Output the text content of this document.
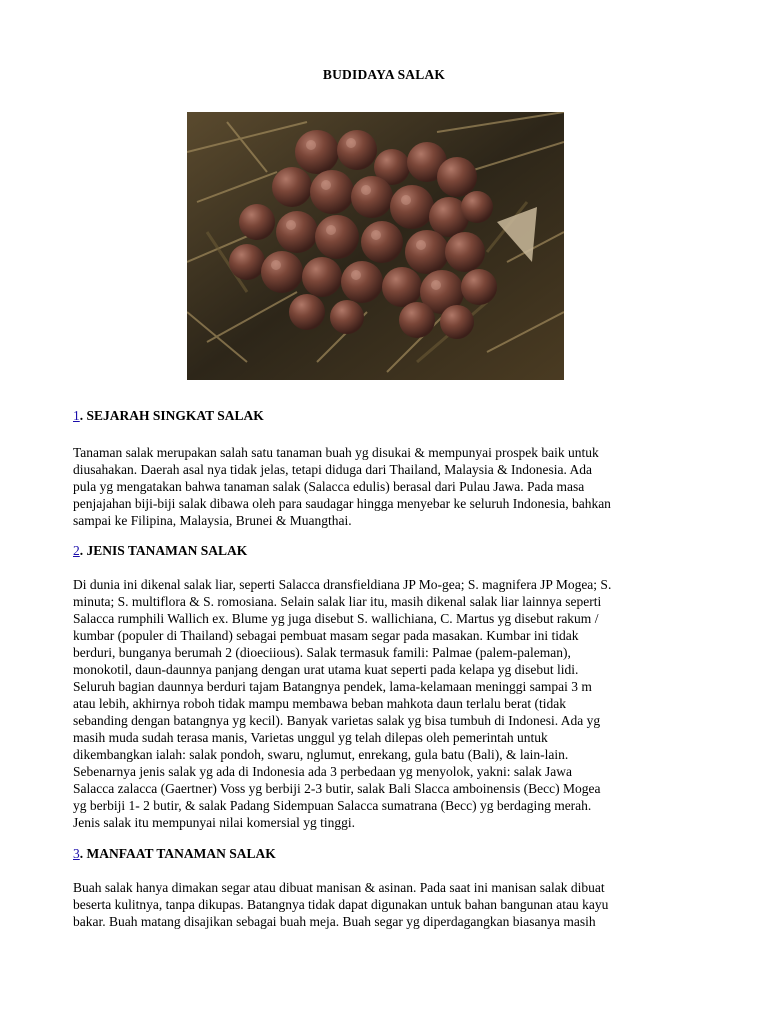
BUDIDAYA SALAK
1. SEJARAH SINGKAT SALAK
Tanaman salak merupakan salah satu tanaman buah yg disukai & mempunyai prospek baik untuk
diusahakan. Daerah asal nya tidak jelas, tetapi diduga dari Thailand, Malaysia & Indonesia. Ada
pula yg mengatakan bahwa tanaman salak (Salacca edulis) berasal dari Pulau Jawa. Pada masa
penjajahan biji-biji salak dibawa oleh para saudagar hingga menyebar ke seluruh Indonesia, bahkan
sampai ke Filipina, Malaysia, Brunei & Muangthai.
2. JENIS TANAMAN SALAK
Di dunia ini dikenal salak liar, seperti Salacca dransfieldiana JP Mo-gea; S. magnifera JP Mogea; S.
minuta; S. multiflora & S. romosiana. Selain salak liar itu, masih dikenal salak liar lainnya seperti
Salacca rumphili Wallich ex. Blume yg juga disebut S. wallichiana, C. Martus yg disebut rakum /
kumbar (populer di Thailand) sebagai pembuat masam segar pada masakan. Kumbar ini tidak
berduri, bunganya berumah 2 (dioeciious). Salak termasuk famili: Palmae (palem-paleman),
monokotil, daun-daunnya panjang dengan urat utama kuat seperti pada kelapa yg disebut lidi.
Seluruh bagian daunnya berduri tajam Batangnya pendek, lama-kelamaan meninggi sampai 3 m
atau lebih, akhirnya roboh tidak mampu membawa beban mahkota daun terlalu berat (tidak
sebanding dengan batangnya yg kecil). Banyak varietas salak yg bisa tumbuh di Indonesi. Ada yg
masih muda sudah terasa manis, Varietas unggul yg telah dilepas oleh pemerintah untuk
dikembangkan ialah: salak pondoh, swaru, nglumut, enrekang, gula batu (Bali), & lain-lain.
Sebenarnya jenis salak yg ada di Indonesia ada 3 perbedaan yg menyolok, yakni: salak Jawa
Salacca zalacca (Gaertner) Voss yg berbiji 2-3 butir, salak Bali Slacca amboinensis (Becc) Mogea
yg berbiji 1- 2 butir, & salak Padang Sidempuan Salacca sumatrana (Becc) yg berdaging merah.
Jenis salak itu mempunyai nilai komersial yg tinggi.
3. MANFAAT TANAMAN SALAK
Buah salak hanya dimakan segar atau dibuat manisan & asinan. Pada saat ini manisan salak dibuat
beserta kulitnya, tanpa dikupas. Batangnya tidak dapat digunakan untuk bahan bangunan atau kayu
bakar. Buah matang disajikan sebagai buah meja. Buah segar yg diperdagangkan biasanya masih
